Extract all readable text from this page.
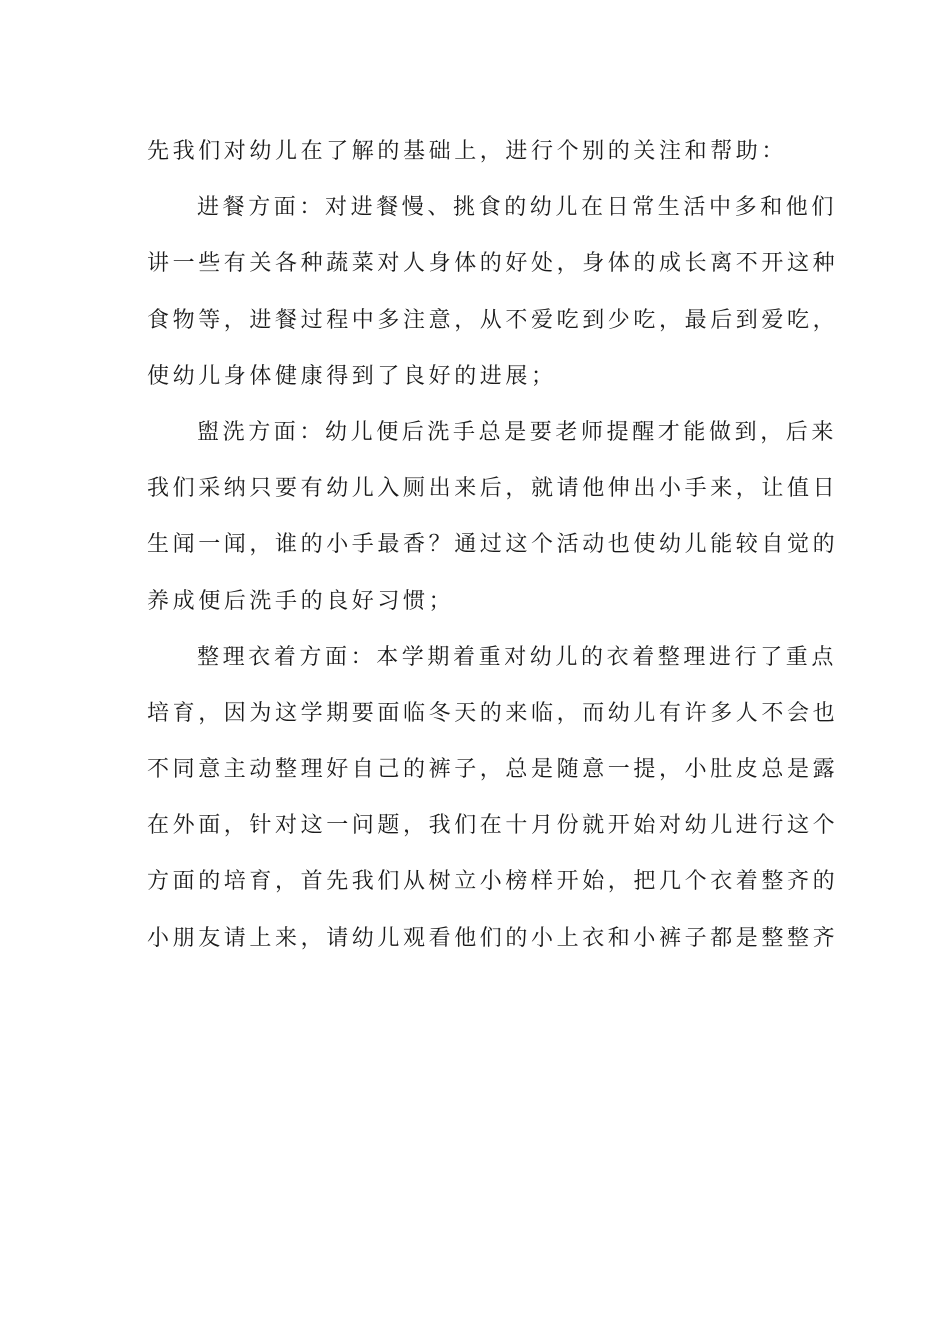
先我们对幼儿在了解的基础上，进行个别的关注和帮助：
进餐方面：对进餐慢、挑食的幼儿在日常生活中多和他们
讲一些有关各种蔬菜对人身体的好处，身体的成长离不开这种
食物等，进餐过程中多注意，从不爱吃到少吃，最后到爱吃，
使幼儿身体健康得到了良好的进展；
盥洗方面：幼儿便后洗手总是要老师提醒才能做到，后来
我们采纳只要有幼儿入厕出来后，就请他伸出小手来，让值日
生闻一闻，谁的小手最香？通过这个活动也使幼儿能较自觉的
养成便后洗手的良好习惯；
整理衣着方面：本学期着重对幼儿的衣着整理进行了重点
培育，因为这学期要面临冬天的来临，而幼儿有许多人不会也
不同意主动整理好自己的裤子，总是随意一提，小肚皮总是露
在外面，针对这一问题，我们在十月份就开始对幼儿进行这个
方面的培育，首先我们从树立小榜样开始，把几个衣着整齐的
小朋友请上来，请幼儿观看他们的小上衣和小裤子都是整整齐
